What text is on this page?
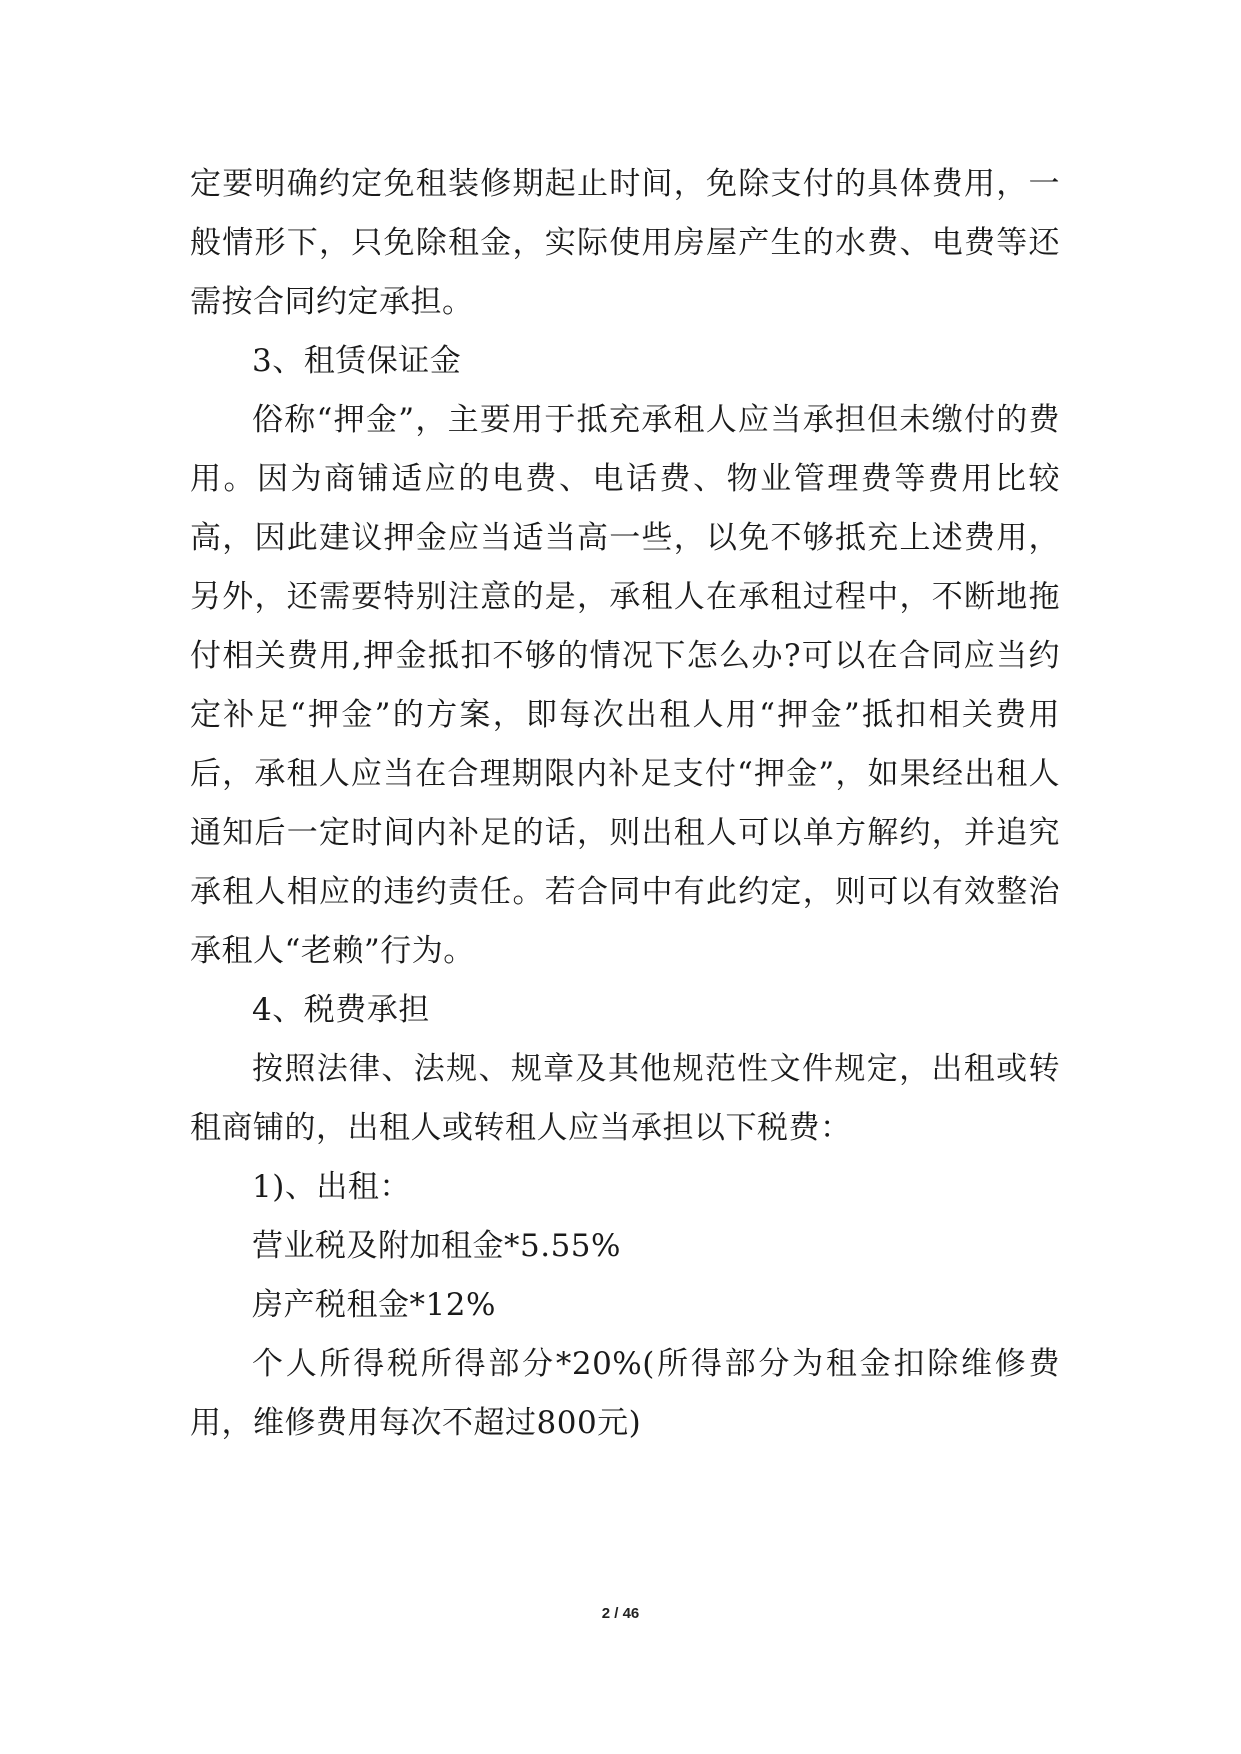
定要明确约定免租装修期起止时间，免除支付的具体费用，一般情形下，只免除租金，实际使用房屋产生的水费、电费等还需按合同约定承担。

3、租赁保证金

俗称“押金”，主要用于抵充承租人应当承担但未缴付的费用。因为商铺适应的电费、电话费、物业管理费等费用比较高，因此建议押金应当适当高一些，以免不够抵充上述费用，另外，还需要特别注意的是，承租人在承租过程中，不断地拖付相关费用,押金抵扣不够的情况下怎么办?可以在合同应当约定补足“押金”的方案，即每次出租人用“押金”抵扣相关费用后，承租人应当在合理期限内补足支付“押金”，如果经出租人通知后一定时间内补足的话，则出租人可以单方解约，并追究承租人相应的违约责任。若合同中有此约定，则可以有效整治承租人“老赖”行为。

4、税费承担

按照法律、法规、规章及其他规范性文件规定，出租或转租商铺的，出租人或转租人应当承担以下税费：

1)、出租：

营业税及附加租金*5.55%

房产税租金*12%

个人所得税所得部分*20%(所得部分为租金扣除维修费用，维修费用每次不超过800元)

2 / 46
